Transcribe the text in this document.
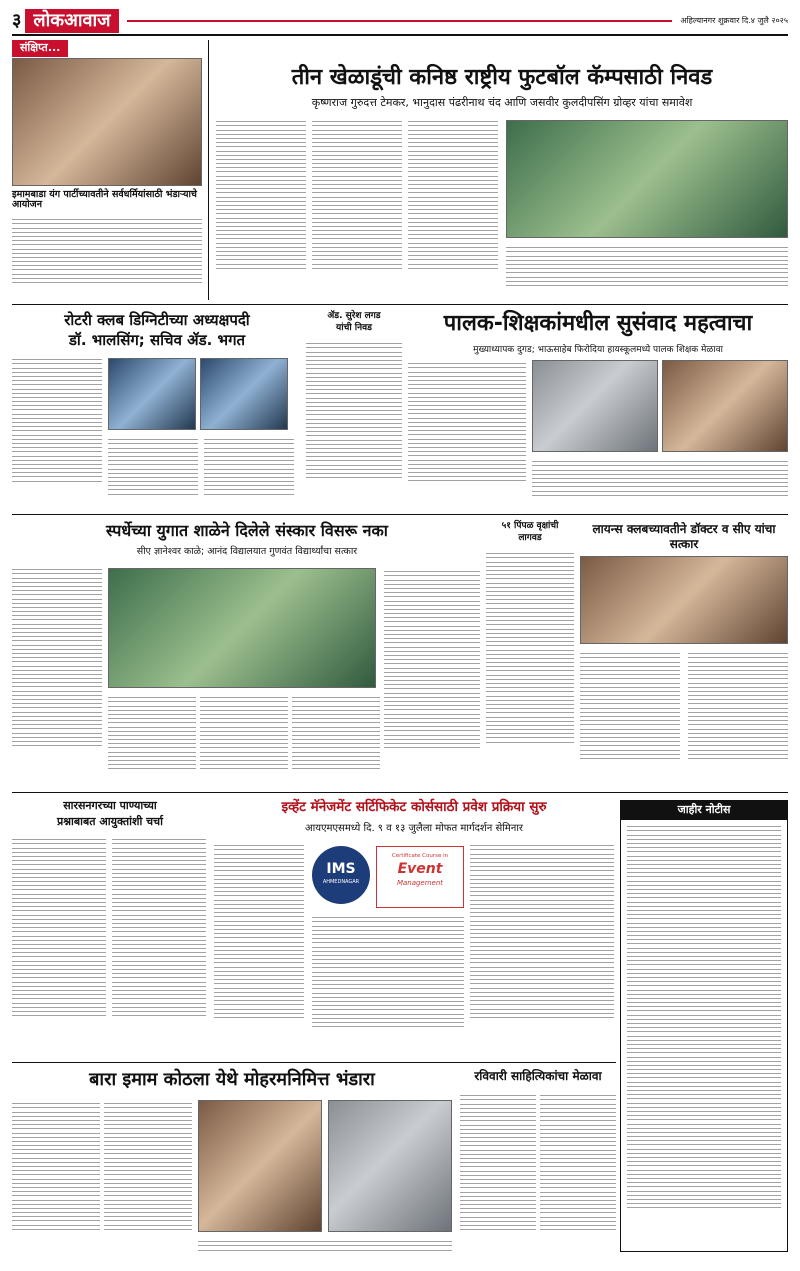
३ लोकआवाज	अहिल्यानगर शुक्रवार दि.४ जुलै २०२५
संक्षिप्त...
इमामबाडा यंग पार्टीच्यावतीने सर्वधर्मियांसाठी भंडाऱ्याचे आयोजन
तीन खेळाडूंची कनिष्ठ राष्ट्रीय फुटबॉल कॅम्पसाठी निवड
कृष्णराज गुरुदत्त टेमकर, भानुदास पंढरीनाथ चंद आणि जसवीर कुलदीपसिंग ग्रोव्हर यांचा समावेश
रोटरी क्लब डिग्निटीच्या अध्यक्षपदी
डॉ. भालसिंग; सचिव ॲड. भगत
ॲड. सुरेश लगड
यांची निवड	पालक-शिक्षकांमधील सुसंवाद महत्वाचा
मुख्याध्यापक दुगड; भाऊसाहेब फिरोदिया हायस्कूलमध्ये पालक शिक्षक मेळावा
स्पर्धेच्या युगात शाळेने दिलेले संस्कार विसरू नका
सीए ज्ञानेश्वर काळे; आनंद विद्यालयात गुणवंत विद्यार्थ्यांचा सत्कार
५१ पिंपळ वृक्षांची
लागवड
लायन्स क्लबच्यावतीने डॉक्टर व सीए यांचा सत्कार
सारसनगरच्या पाण्याच्या
प्रश्नाबाबत आयुक्तांशी चर्चा
इव्हेंट मॅनेजमेंट सर्टिफिकेट कोर्ससाठी प्रवेश प्रक्रिया सुरु
आयएमएसमध्ये दि. ९ व १३ जुलैला मोफत मार्गदर्शन सेमिनार
IMS
AHMEDNAGAR
Certificate Course in
Event
Management
जाहीर नोटीस
बारा इमाम कोठला येथे मोहरमनिमित्त भंडारा	रविवारी साहित्यिकांचा मेळावा
